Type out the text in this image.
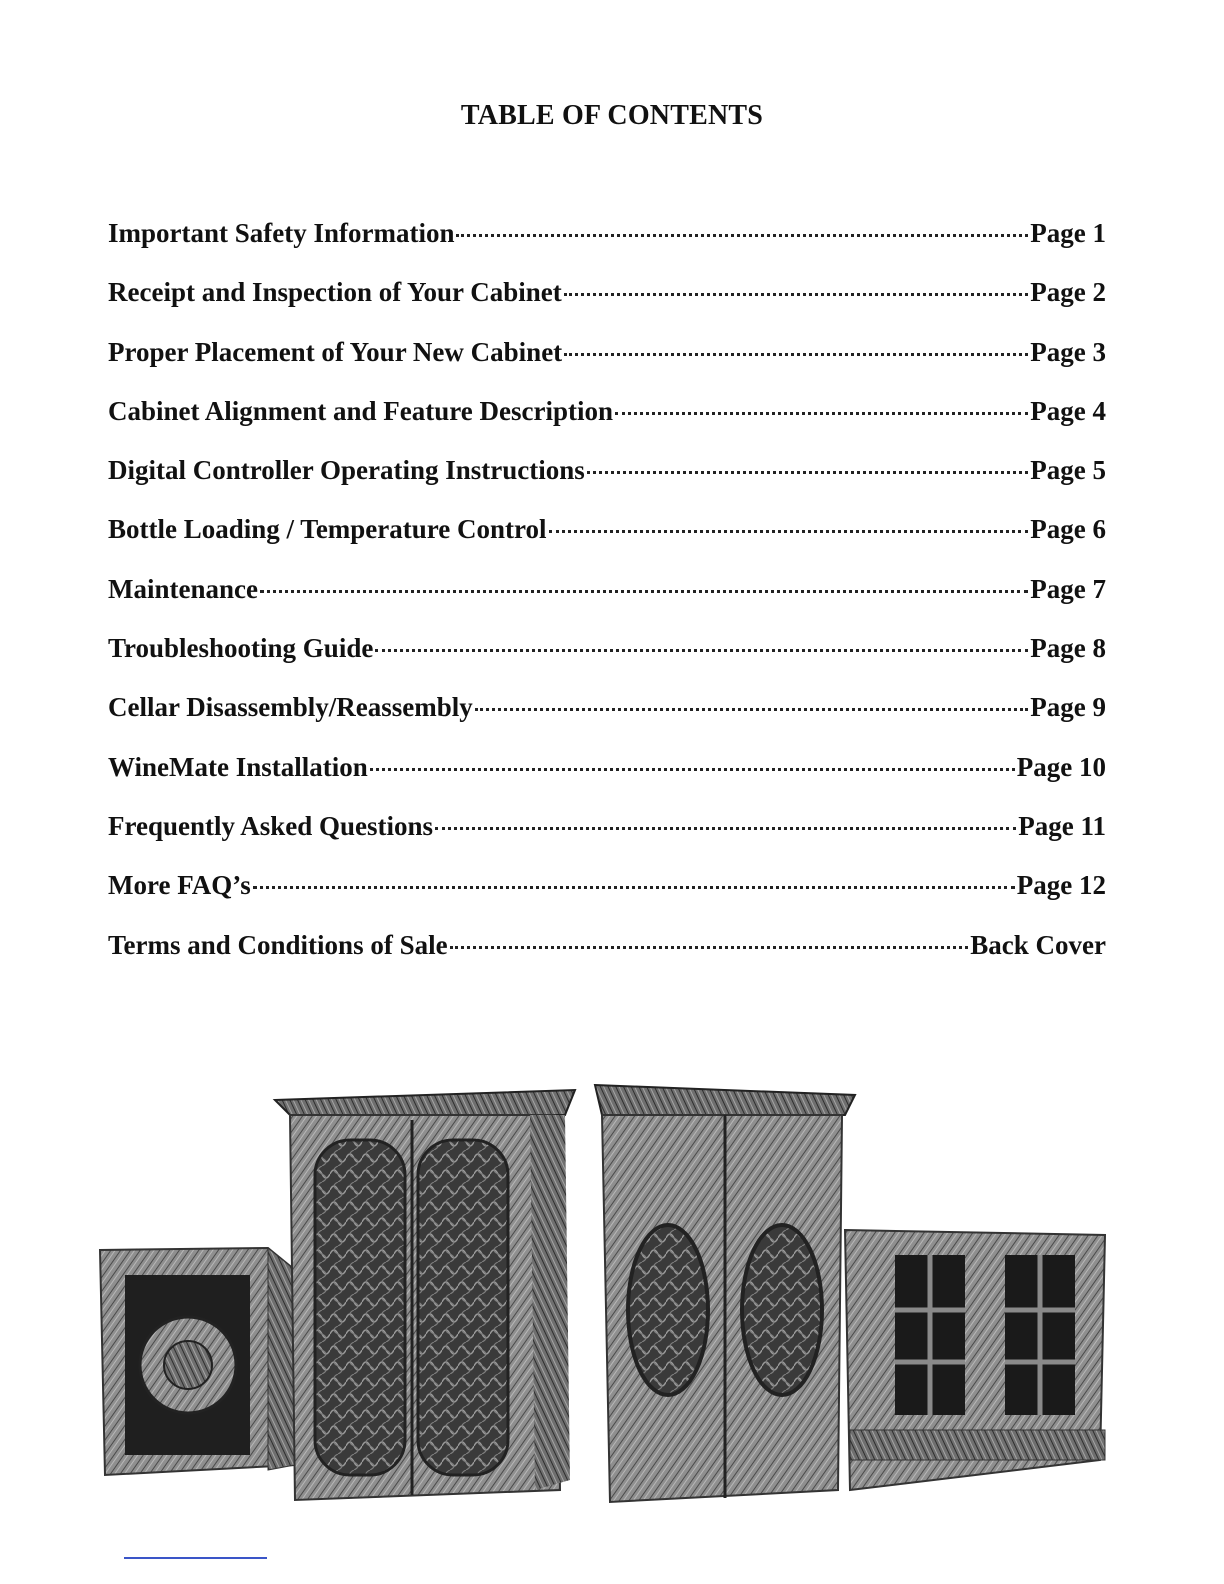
TABLE OF CONTENTS
Important Safety Information	Page 1
Receipt and Inspection of Your Cabinet	Page 2
Proper Placement of Your New Cabinet	Page 3
Cabinet Alignment and Feature Description	Page 4
Digital Controller Operating Instructions	Page 5
Bottle Loading / Temperature Control	Page 6
Maintenance	Page 7
Troubleshooting Guide	Page 8
Cellar Disassembly/Reassembly	Page 9
WineMate Installation	Page 10
Frequently Asked Questions	Page 11
More FAQ’s	Page 12
Terms and Conditions of Sale	Back Cover
